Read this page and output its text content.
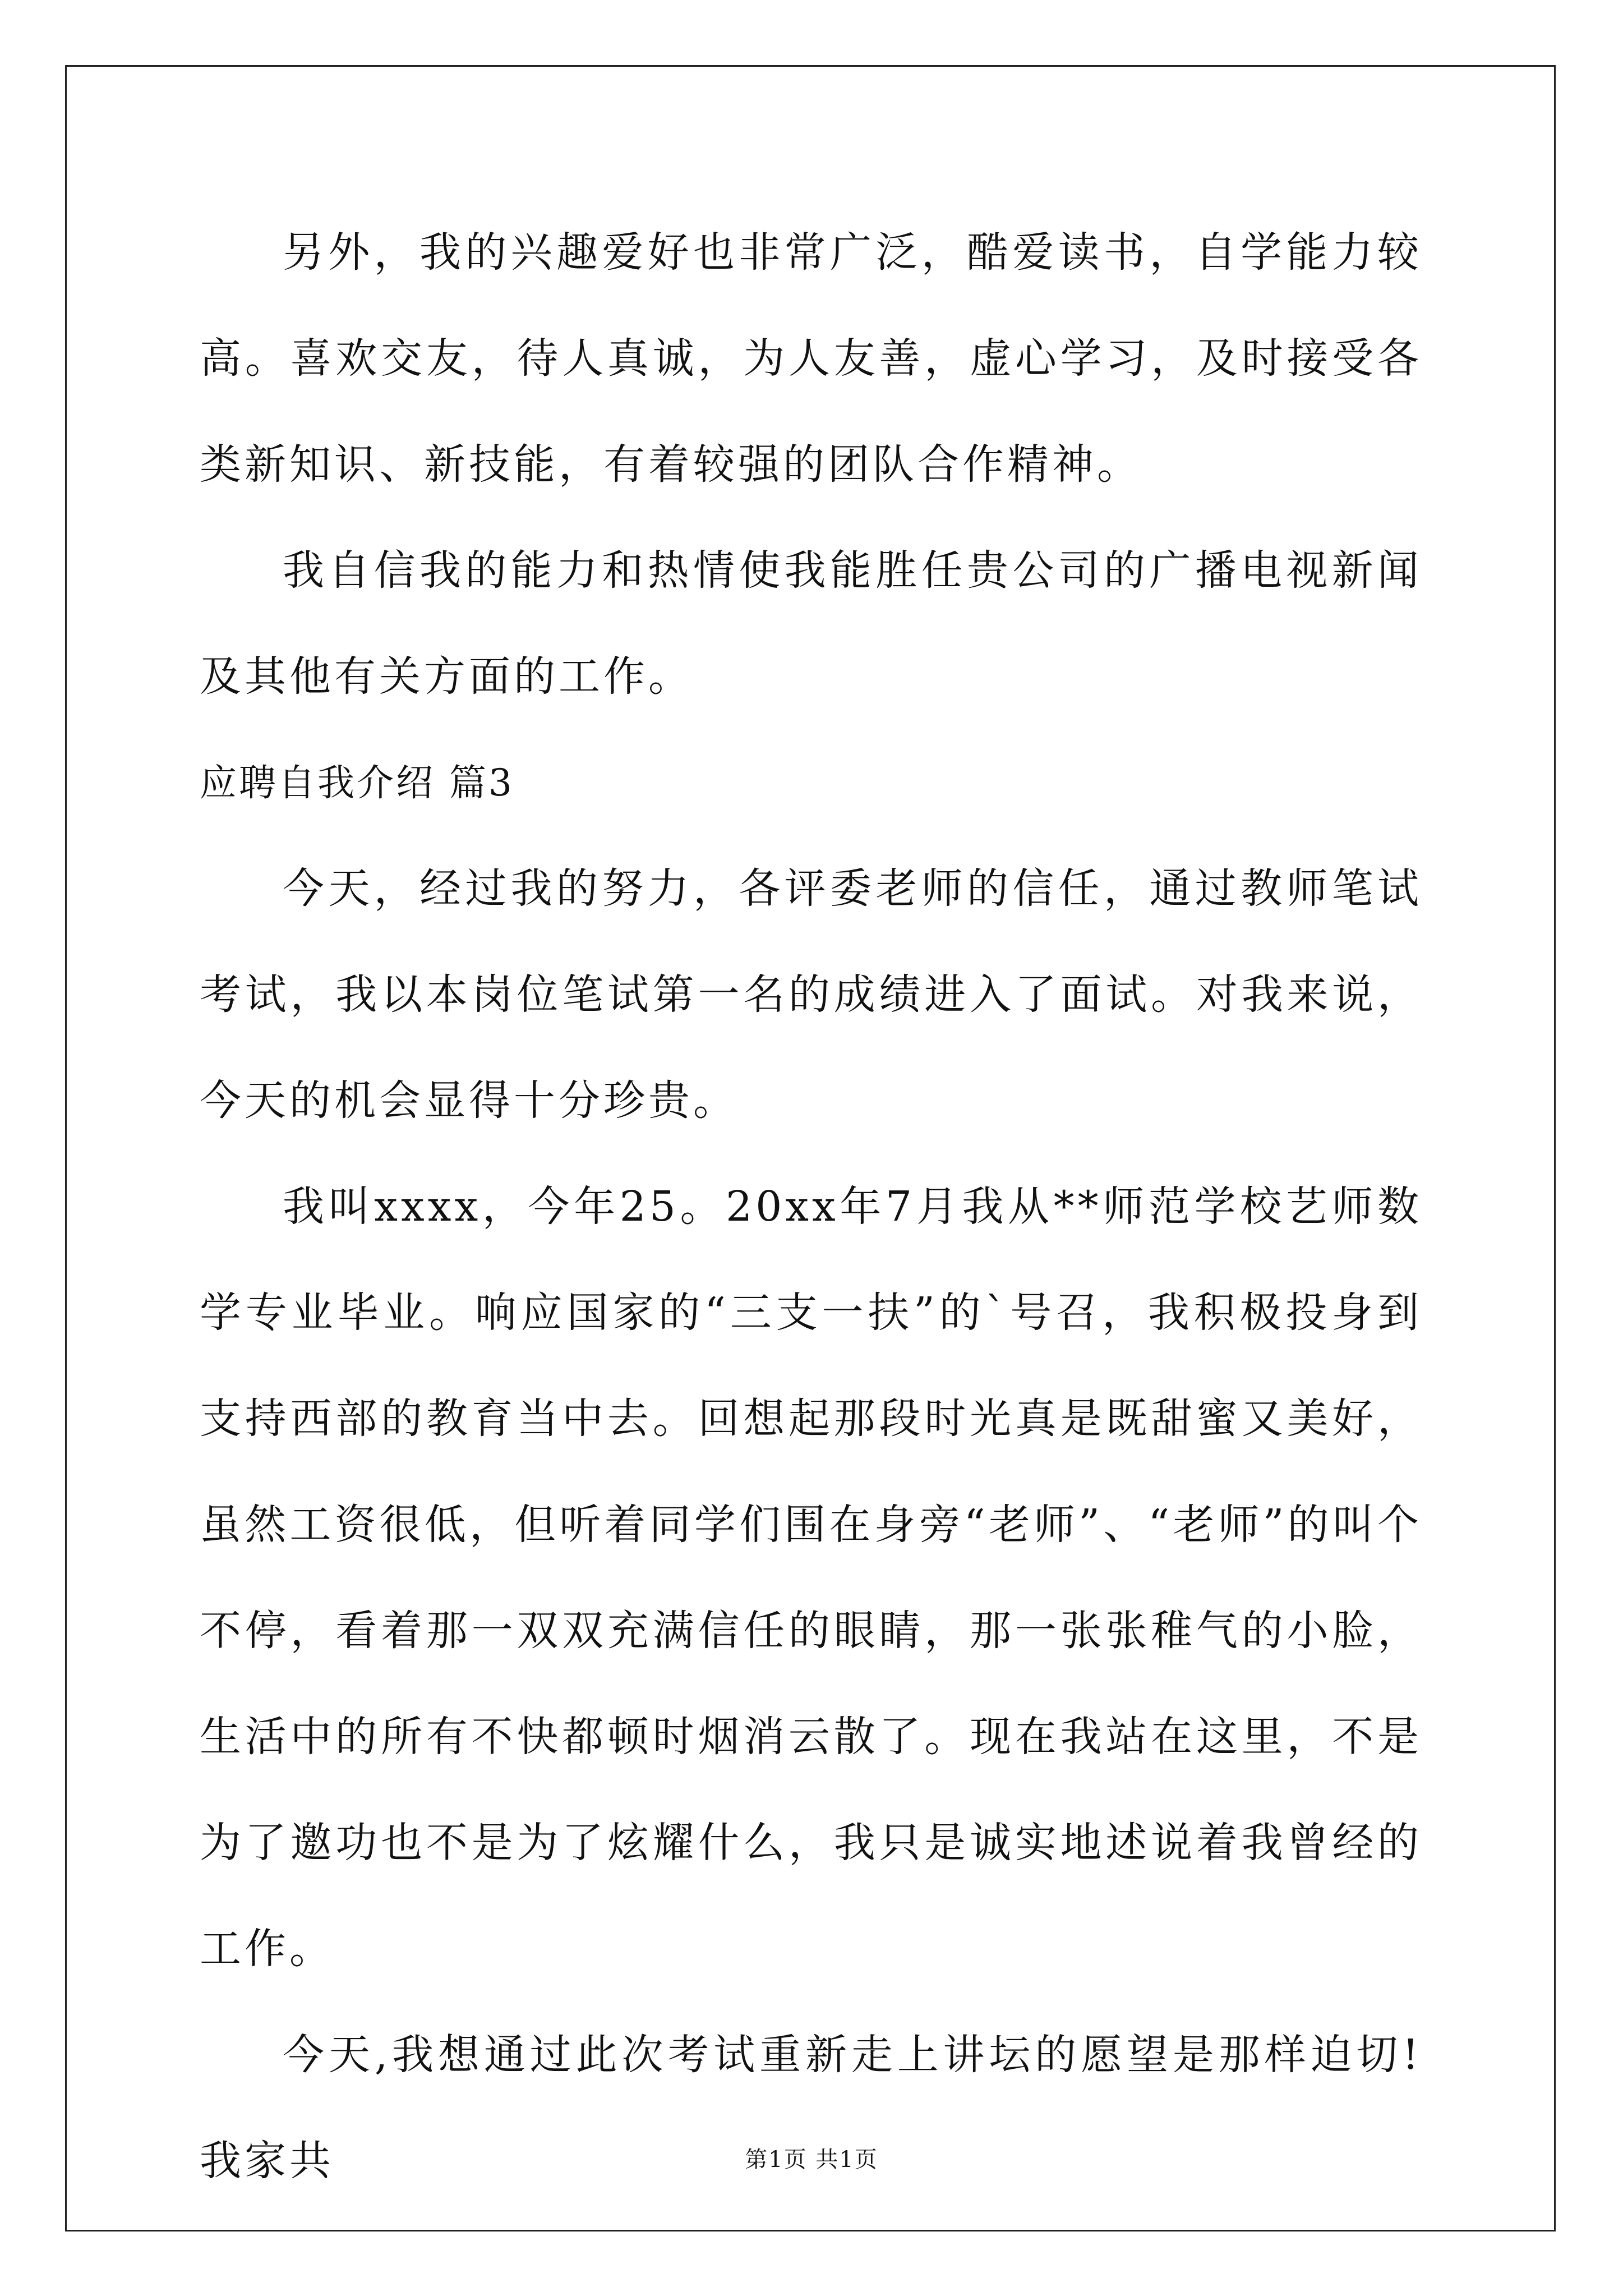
另外，我的兴趣爱好也非常广泛，酷爱读书，自学能力较高。喜欢交友，待人真诚，为人友善，虚心学习，及时接受各类新知识、新技能，有着较强的团队合作精神。

我自信我的能力和热情使我能胜任贵公司的广播电视新闻及其他有关方面的工作。

应聘自我介绍 篇3

今天，经过我的努力，各评委老师的信任，通过教师笔试考试，我以本岗位笔试第一名的成绩进入了面试。对我来说，今天的机会显得十分珍贵。

我叫xxxx，今年25。20xx年7月我从**师范学校艺师数学专业毕业。响应国家的“三支一扶”的`号召，我积极投身到支持西部的教育当中去。回想起那段时光真是既甜蜜又美好，虽然工资很低，但听着同学们围在身旁“老师”、“老师”的叫个不停，看着那一双双充满信任的眼睛，那一张张稚气的小脸，生活中的所有不快都顿时烟消云散了。现在我站在这里，不是为了邀功也不是为了炫耀什么，我只是诚实地述说着我曾经的工作。

今天,我想通过此次考试重新走上讲坛的愿望是那样迫切!我家共	第1页 共1页
